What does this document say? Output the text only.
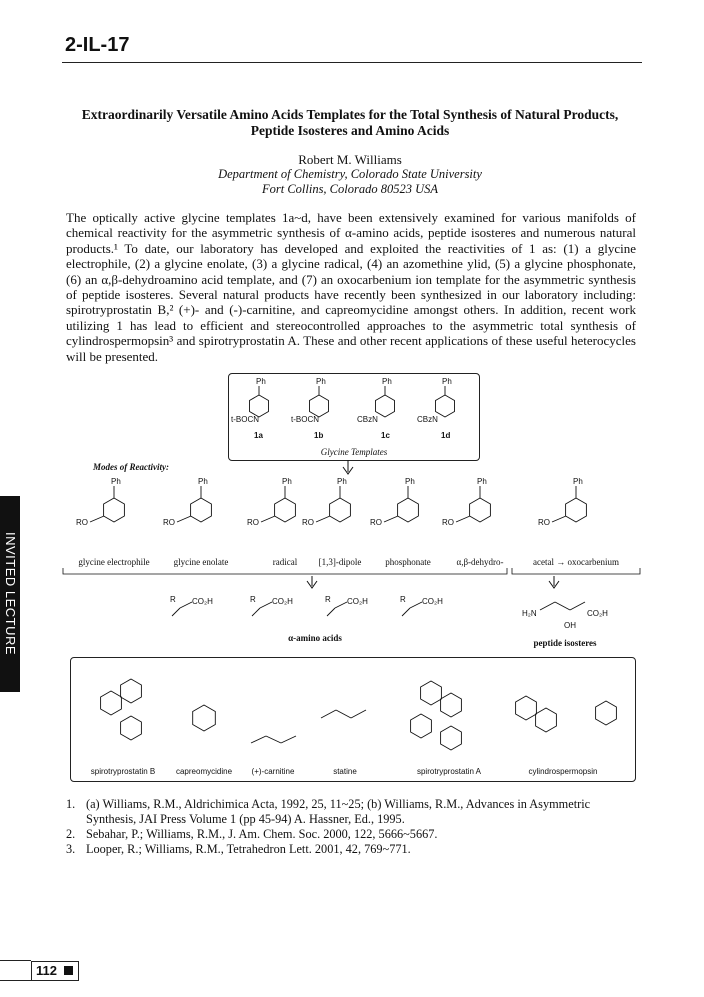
2-IL-17
Extraordinarily Versatile Amino Acids Templates for the Total Synthesis of Natural Products, Peptide Isosteres and Amino Acids
Robert M. Williams
Department of Chemistry, Colorado State University
Fort Collins, Colorado 80523 USA
The optically active glycine templates 1a~d, have been extensively examined for various manifolds of chemical reactivity for the asymmetric synthesis of α-amino acids, peptide isosteres and numerous natural products.¹ To date, our laboratory has developed and exploited the reactivities of 1 as: (1) a glycine electrophile, (2) a glycine enolate, (3) a glycine radical, (4) an azomethine ylid, (5) a glycine phosphonate, (6) an α,β-dehydroamino acid template, and (7) an oxocarbenium ion template for the asymmetric synthesis of peptide isosteres. Several natural products have recently been synthesized in our laboratory including: spirotryprostatin B,² (+)- and (-)-carnitine, and capreomycidine amongst others. In addition, recent work utilizing 1 has lead to efficient and stereocontrolled approaches to the asymmetric total synthesis of cylindrospermopsin³ and spirotryprostatin A. These and other recent applications of these useful heterocycles will be presented.
Ph
t-BOCN
Ph
t-BOCN
Ph
CBzN
Ph
CBzN
1a	1b	1c	1d
Glycine Templates
Modes of Reactivity:
Ph
RO
Ph
RO
Ph
RO
Ph
RO
Ph
RO
Ph
RO
Ph
RO
glycine electrophile	glycine enolate	radical [1,3]-dipole	phosphonate	α,β-dehydro-	acetal → oxocarbenium
CO₂H
R	CO₂H
R	CO₂H
R	CO₂H
R
H₂N	CO₂H
OH
α-amino acids	peptide isosteres
spirotryprostatin B	capreomycidine (+)-carnitine	statine	spirotryprostatin A	cylindrospermopsin
1. (a) Williams, R.M., Aldrichimica Acta, 1992, 25, 11~25; (b) Williams, R.M., Advances in Asymmetric Synthesis, JAI Press Volume 1 (pp 45-94) A. Hassner, Ed., 1995.
2. Sebahar, P.; Williams, R.M., J. Am. Chem. Soc. 2000, 122, 5666~5667.
3. Looper, R.; Williams, R.M., Tetrahedron Lett. 2001, 42, 769~771.
INVITED LECTURE
112
